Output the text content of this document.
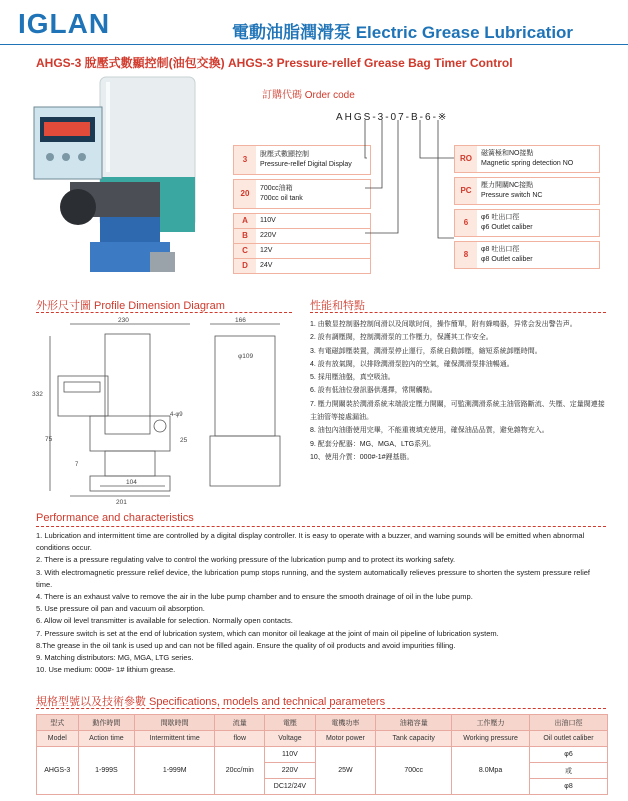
IGLAN	電動油脂潤滑泵 Electric Grease Lubricatior
AHGS-3 脫壓式數顯控制(油包交換) AHGS-3 Pressure-rellef Grease Bag Timer Control
訂購代碼 Order code
AHGS-3-07-B-6-※
3
脫壓式數顯控制
Pressure-rellef Digital Display
20
700cc油箱
700cc oil tank
A	110V
B	220V
C	12V
D	24V
RO
磁簧極和NO接點
Magnetic spring detection NO
PC
壓力開關NC接點
Pressure switch NC
6
φ6 吐出口徑
φ6 Outlet caliber
8
φ8 吐出口徑
φ8 Outlet caliber
外形尺寸圖 Profile Dimension Diagram
230	166
φ109
332
75	25
104
201
4-φ9
7
性能和特點
1. 由數显控制器控制间滑以及间歇时间，操作簡單，附有蜂鳴器，异常会发出警告声。
2. 設有調壓閥，控制潤滑泵的工作壓力，保護其工作安全。
3. 有電磁卸壓裝置，潤滑泵停止運行，系統自動卸壓，縮短系統卸壓時間。
4. 設有放氣閥，以排除潤滑泵腔內的空氣，確保潤滑泵排油暢通。
5. 採用壓油盤，真空吸油。
6. 設有低油位發訊器供選擇，常開觸點。
7. 壓力開關裝於潤滑系統末端設定壓力開關，可監測潤滑系統主油管路斷流、失壓、定量閥連接主油管等接處漏油。
8. 油包內油脂使用完畢，不能重複填充使用，確保油品品質，避免雜物充入。
9. 配套分配器：MG、MGA、LTG系列。
10、使用介質：000#-1#鋰基脂。
Performance and characteristics
1. Lubrication and intermittent time are controlled by a digital display controller. It is easy to operate with a buzzer, and warning sounds will be emitted when abnormal conditions occur.
2. There is a pressure regulating valve to control the working pressure of the lubrication pump and to protect its working safety.
3. With electromagnetic pressure relief device, the lubrication pump stops running, and the system automatically relieves pressure to shorten the system pressure relief time.
4. There is an exhaust valve to remove the air in the lube pump chamber and to ensure the smooth drainage of oil in the lube pump.
5. Use pressure oil pan and vacuum oil absorption.
6. Allow oil level transmitter is available for selection. Normally open contacts.
7. Pressure switch is set at the end of lubrication system, which can monitor oil leakage at the joint of main oil pipeline of lubrication system.
8.The grease in the oil tank is used up and can not be filled again. Ensure the quality of oil products and avoid impurities filling.
9. Matching distributors: MG, MGA, LTG series.
10. Use medium: 000#- 1# lithium grease.
規格型號以及技術參數 Specifications, models and technical parameters
型式	動作時間	間歇時間	流量	電壓	電機功率	油箱容量	工作壓力	出油口徑
Model	Action time	Intermittent time	flow	Voltage	Motor power	Tank capacity	Working pressure	Oil outlet caliber
AHGS-3	1-999S	1-999M	20cc/min	110V	25W	700cc	8.0Mpa	φ6
				220V				或
				DC12/24V				φ8
